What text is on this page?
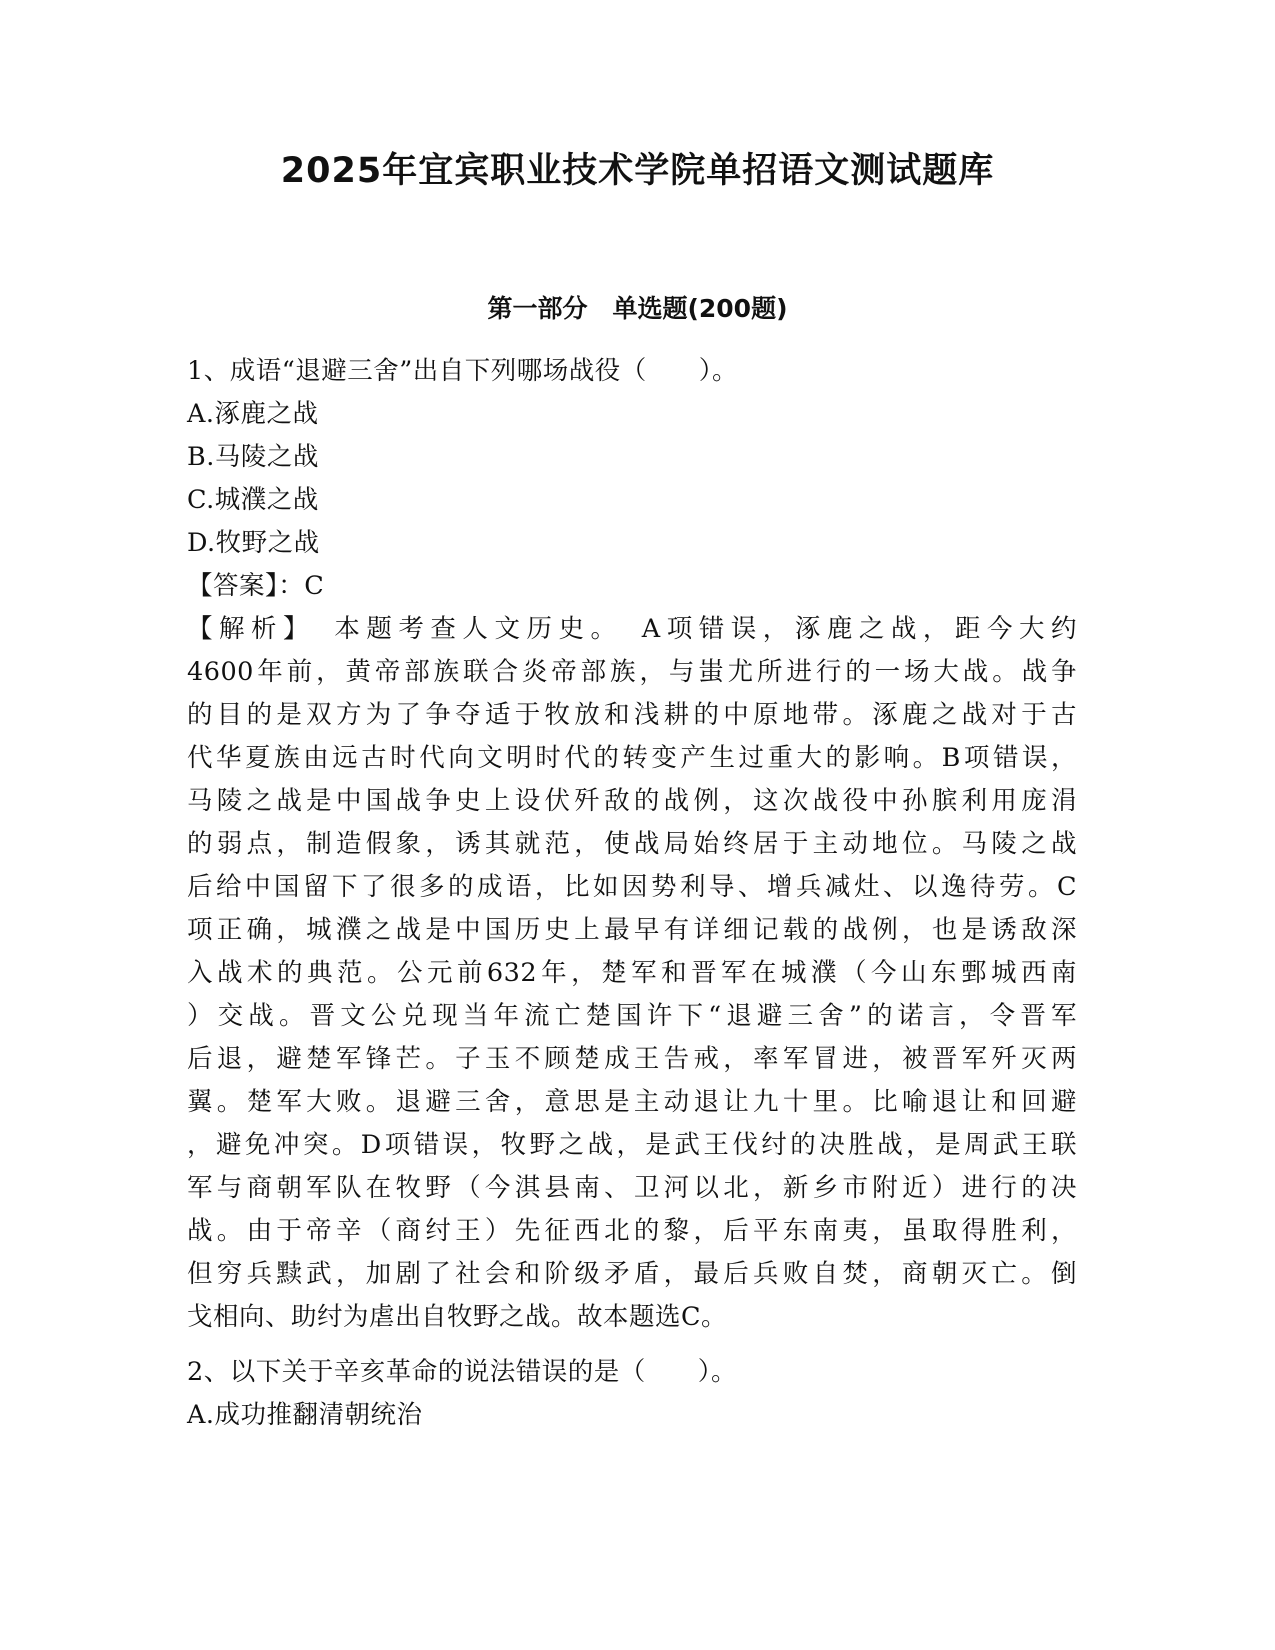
2025年宜宾职业技术学院单招语文测试题库
第一部分　单选题(200题)
1、成语“退避三舍”出自下列哪场战役（　　）。
A.涿鹿之战
B.马陵之战
C.城濮之战
D.牧野之战
【答案】：C
【解析】　本题考查人文历史。　A项错误，涿鹿之战，距今大约
4600年前，黄帝部族联合炎帝部族，与蚩尤所进行的一场大战。战争
的目的是双方为了争夺适于牧放和浅耕的中原地带。涿鹿之战对于古
代华夏族由远古时代向文明时代的转变产生过重大的影响。B项错误，
马陵之战是中国战争史上设伏歼敌的战例，这次战役中孙膑利用庞涓
的弱点，制造假象，诱其就范，使战局始终居于主动地位。马陵之战
后给中国留下了很多的成语，比如因势利导、增兵减灶、以逸待劳。C
项正确，城濮之战是中国历史上最早有详细记载的战例，也是诱敌深
入战术的典范。公元前632年，楚军和晋军在城濮（今山东鄄城西南
）交战。晋文公兑现当年流亡楚国许下“退避三舍”的诺言，令晋军
后退，避楚军锋芒。子玉不顾楚成王告戒，率军冒进，被晋军歼灭两
翼。楚军大败。退避三舍，意思是主动退让九十里。比喻退让和回避
，避免冲突。D项错误，牧野之战，是武王伐纣的决胜战，是周武王联
军与商朝军队在牧野（今淇县南、卫河以北，新乡市附近）进行的决
战。由于帝辛（商纣王）先征西北的黎，后平东南夷，虽取得胜利，
但穷兵黩武，加剧了社会和阶级矛盾，最后兵败自焚，商朝灭亡。倒
戈相向、助纣为虐出自牧野之战。故本题选C。
2、以下关于辛亥革命的说法错误的是（　　）。
A.成功推翻清朝统治
